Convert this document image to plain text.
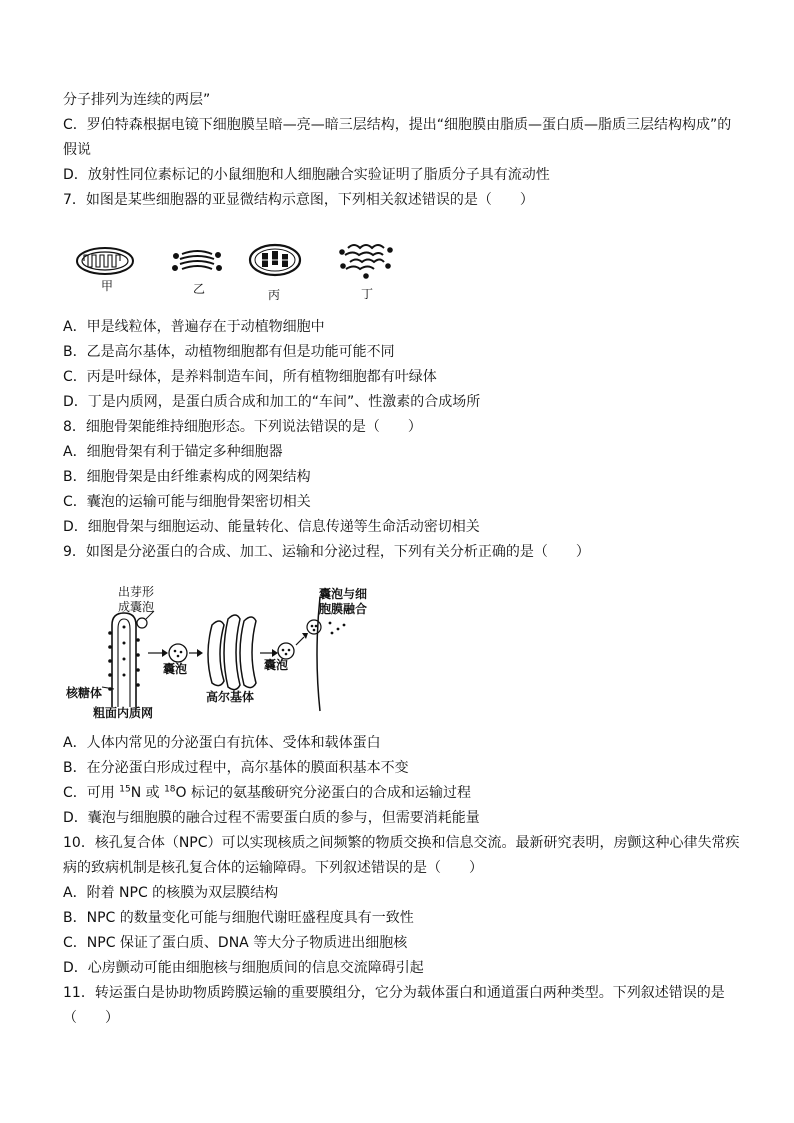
分子排列为连续的两层”
C．罗伯特森根据电镜下细胞膜呈暗—亮—暗三层结构，提出“细胞膜由脂质—蛋白质—脂质三层结构构成”的
假说
D．放射性同位素标记的小鼠细胞和人细胞融合实验证明了脂质分子具有流动性
7．如图是某些细胞器的亚显微结构示意图，下列相关叙述错误的是（　　）
甲	乙	丙	丁
A．甲是线粒体，普遍存在于动植物细胞中
B．乙是高尔基体，动植物细胞都有但是功能可能不同
C．丙是叶绿体，是养料制造车间，所有植物细胞都有叶绿体
D．丁是内质网，是蛋白质合成和加工的“车间”、性激素的合成场所
8．细胞骨架能维持细胞形态。下列说法错误的是（　　）
A．细胞骨架有利于锚定多种细胞器
B．细胞骨架是由纤维素构成的网架结构
C．囊泡的运输可能与细胞骨架密切相关
D．细胞骨架与细胞运动、能量转化、信息传递等生命活动密切相关
9．如图是分泌蛋白的合成、加工、运输和分泌过程，下列有关分析正确的是（　　）
出芽形
成囊泡
囊泡与细
胞膜融合
囊泡	囊泡
高尔基体
核糖体
粗面内质网
A．人体内常见的分泌蛋白有抗体、受体和载体蛋白
B．在分泌蛋白形成过程中，高尔基体的膜面积基本不变
C．可用 $^{15}$N 或 $^{18}$O 标记的氨基酸研究分泌蛋白的合成和运输过程
D．囊泡与细胞膜的融合过程不需要蛋白质的参与，但需要消耗能量
10．核孔复合体（NPC）可以实现核质之间频繁的物质交换和信息交流。最新研究表明，房颤这种心律失常疾
病的致病机制是核孔复合体的运输障碍。下列叙述错误的是（　　）
A．附着 NPC 的核膜为双层膜结构
B．NPC 的数量变化可能与细胞代谢旺盛程度具有一致性
C．NPC 保证了蛋白质、DNA 等大分子物质进出细胞核
D．心房颤动可能由细胞核与细胞质间的信息交流障碍引起
11．转运蛋白是协助物质跨膜运输的重要膜组分，它分为载体蛋白和通道蛋白两种类型。下列叙述错误的是
（　　）
